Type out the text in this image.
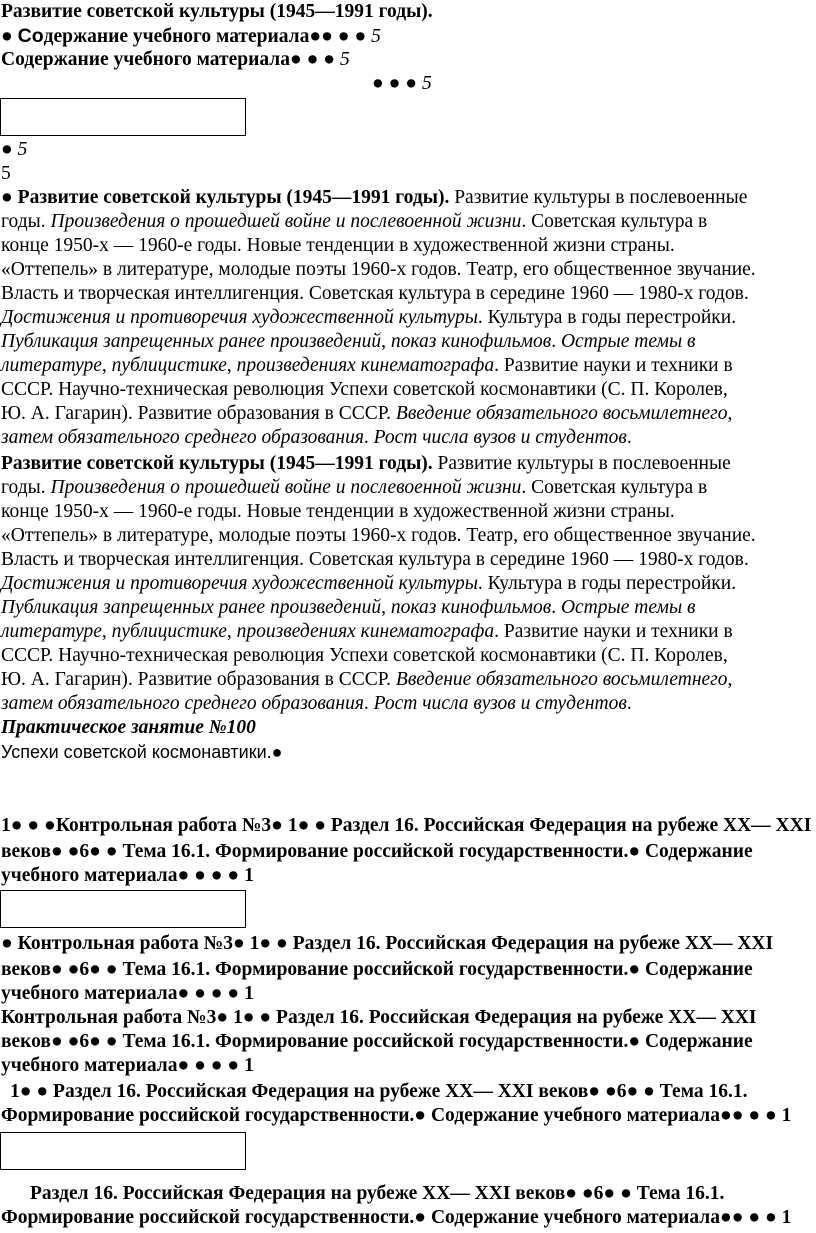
Развитие советской культуры (1945—1991 годы).
● Содержание учебного материала●● ● ● 5
Содержание учебного материала● ● ● 5
● ● ● 5
● 5
5
● Развитие советской культуры (1945—1991 годы). Развитие культуры в послевоенные
годы. Произведения о прошедшей войне и послевоенной жизни. Советская культура в
конце 1950-х — 1960-е годы. Новые тенденции в художественной жизни страны.
«Оттепель» в литературе, молодые поэты 1960-х годов. Театр, его общественное звучание.
Власть и творческая интеллигенция. Советская культура в середине 1960 — 1980-х годов.
Достижения и противоречия художественной культуры. Культура в годы перестройки.
Публикация запрещенных ранее произведений, показ кинофильмов. Острые темы в
литературе, публицистике, произведениях кинематографа. Развитие науки и техники в
СССР. Научно-техническая революция Успехи советской космонавтики (С. П. Королев,
Ю. А. Гагарин). Развитие образования в СССР. Введение обязательного восьмилетнего,
затем обязательного среднего образования. Рост числа вузов и студентов.
Развитие советской культуры (1945—1991 годы). Развитие культуры в послевоенные
годы. Произведения о прошедшей войне и послевоенной жизни. Советская культура в
конце 1950-х — 1960-е годы. Новые тенденции в художественной жизни страны.
«Оттепель» в литературе, молодые поэты 1960-х годов. Театр, его общественное звучание.
Власть и творческая интеллигенция. Советская культура в середине 1960 — 1980-х годов.
Достижения и противоречия художественной культуры. Культура в годы перестройки.
Публикация запрещенных ранее произведений, показ кинофильмов. Острые темы в
литературе, публицистике, произведениях кинематографа. Развитие науки и техники в
СССР. Научно-техническая революция Успехи советской космонавтики (С. П. Королев,
Ю. А. Гагарин). Развитие образования в СССР. Введение обязательного восьмилетнего,
затем обязательного среднего образования. Рост числа вузов и студентов.
Практическое занятие №100
Успехи советской космонавтики.●
1● ● ●Контрольная работа №3● 1● ● Раздел 16. Российская Федерация на рубеже XX— XXI
веков● ●6● ● Тема 16.1. Формирование российской государственности.● Содержание
учебного материала● ● ● ● 1
● Контрольная работа №3● 1● ● Раздел 16. Российская Федерация на рубеже XX— XXI
веков● ●6● ● Тема 16.1. Формирование российской государственности.● Содержание
учебного материала● ● ● ● 1
Контрольная работа №3● 1● ● Раздел 16. Российская Федерация на рубеже XX— XXI
веков● ●6● ● Тема 16.1. Формирование российской государственности.● Содержание
учебного материала● ● ● ● 1
1● ● Раздел 16. Российская Федерация на рубеже XX— XXI веков● ●6● ● Тема 16.1.
Формирование российской государственности.● Содержание учебного материала●● ● ● 1
Раздел 16. Российская Федерация на рубеже XX— XXI веков● ●6● ● Тема 16.1.
Формирование российской государственности.● Содержание учебного материала●● ● ● 1
